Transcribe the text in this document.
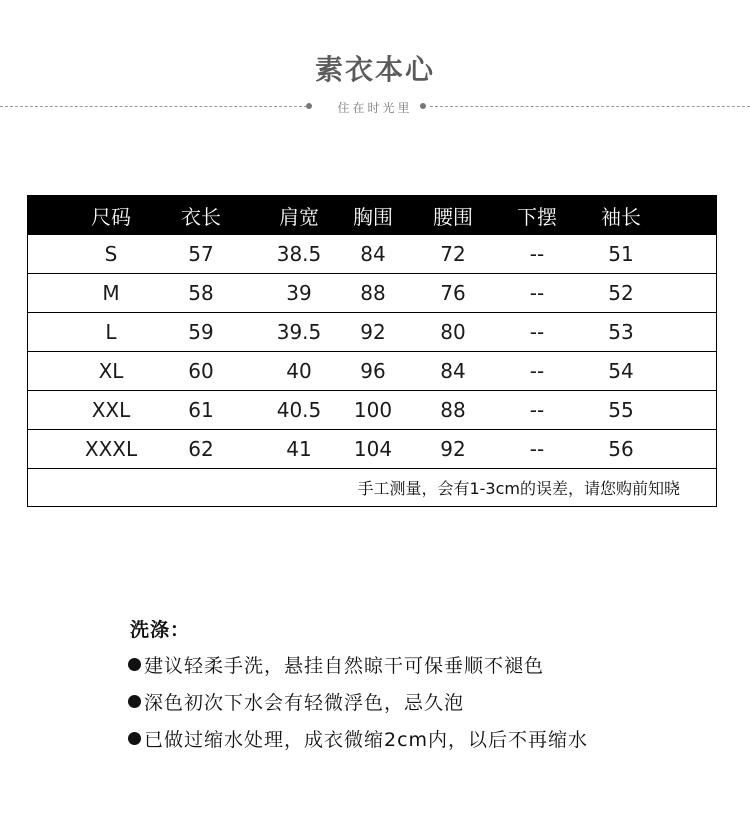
素衣本心
住在时光里
尺码	衣长	肩宽	胸围	腰围	下摆	袖长
S	57	38.5	84	72	--	51
M	58	39	88	76	--	52
L	59	39.5	92	80	--	53
XL	60	40	96	84	--	54
XXL	61	40.5	100	88	--	55
XXXL	62	41	104	92	--	56
手工测量，会有1-3cm的误差，请您购前知晓
洗涤：
建议轻柔手洗，悬挂自然晾干可保垂顺不褪色
深色初次下水会有轻微浮色，忌久泡
已做过缩水处理，成衣微缩2cm内，以后不再缩水
